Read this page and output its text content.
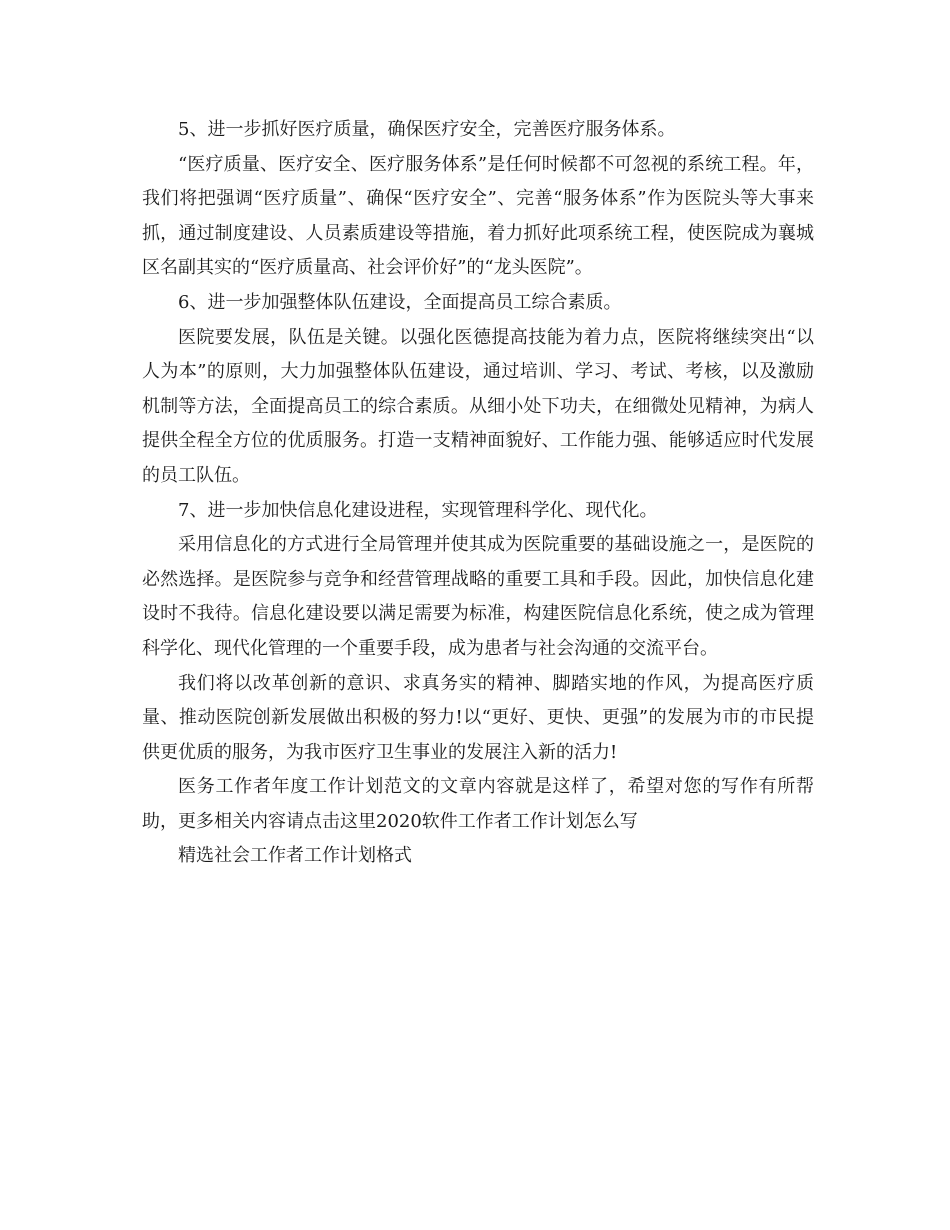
5、进一步抓好医疗质量，确保医疗安全，完善医疗服务体系。

“医疗质量、医疗安全、医疗服务体系”是任何时候都不可忽视的系统工程。年，我们将把强调“医疗质量”、确保“医疗安全”、完善“服务体系”作为医院头等大事来抓，通过制度建设、人员素质建设等措施，着力抓好此项系统工程，使医院成为襄城区名副其实的“医疗质量高、社会评价好”的“龙头医院”。

6、进一步加强整体队伍建设，全面提高员工综合素质。

医院要发展，队伍是关键。以强化医德提高技能为着力点，医院将继续突出“以人为本”的原则，大力加强整体队伍建设，通过培训、学习、考试、考核，以及激励机制等方法，全面提高员工的综合素质。从细小处下功夫，在细微处见精神，为病人提供全程全方位的优质服务。打造一支精神面貌好、工作能力强、能够适应时代发展的员工队伍。

7、进一步加快信息化建设进程，实现管理科学化、现代化。

采用信息化的方式进行全局管理并使其成为医院重要的基础设施之一，是医院的必然选择。是医院参与竞争和经营管理战略的重要工具和手段。因此，加快信息化建设时不我待。信息化建设要以满足需要为标准，构建医院信息化系统，使之成为管理科学化、现代化管理的一个重要手段，成为患者与社会沟通的交流平台。

我们将以改革创新的意识、求真务实的精神、脚踏实地的作风，为提高医疗质量、推动医院创新发展做出积极的努力!以“更好、更快、更强”的发展为市的市民提供更优质的服务，为我市医疗卫生事业的发展注入新的活力!

医务工作者年度工作计划范文的文章内容就是这样了，希望对您的写作有所帮助，更多相关内容请点击这里2020软件工作者工作计划怎么写

精选社会工作者工作计划格式
